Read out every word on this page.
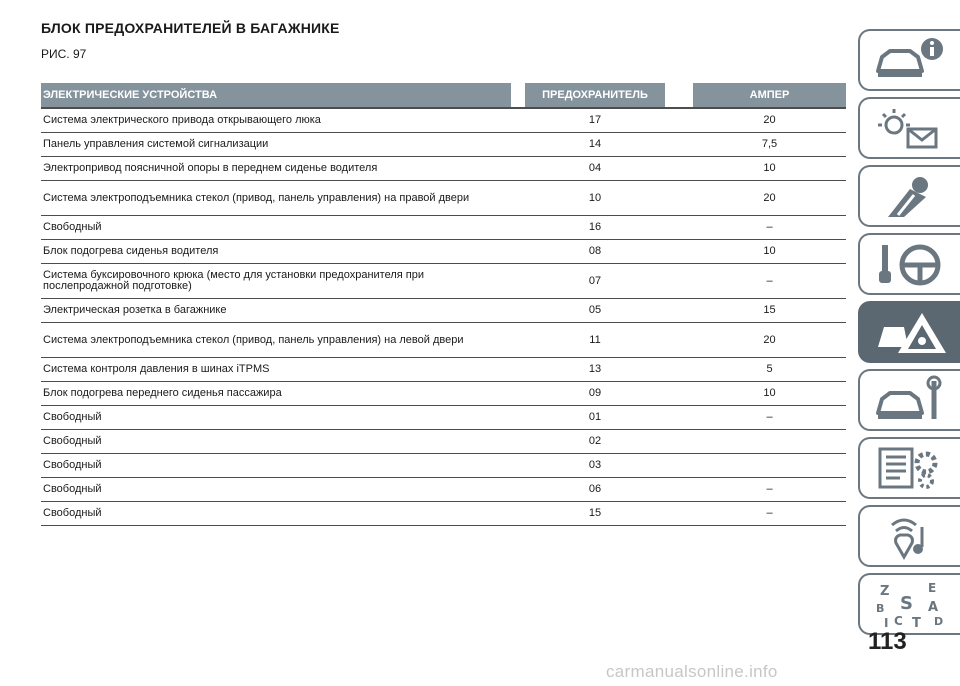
БЛОК ПРЕДОХРАНИТЕЛЕЙ В БАГАЖНИКЕ
РИС. 97
ЭЛЕКТРИЧЕСКИЕ УСТРОЙСТВА		ПРЕДОХРАНИТЕЛЬ		АМПЕР
Система электрического привода открывающего люка		17		20
Панель управления системой сигнализации		14		7,5
Электропривод поясничной опоры в переднем сиденье водителя		04		10
Система электроподъемника стекол (привод, панель управления) на правой двери		10		20
Свободный		16		–
Блок подогрева сиденья водителя		08		10
Система буксировочного крюка (место для установки предохранителя при послепродажной подготовке)		07		–
Электрическая розетка в багажнике		05		15
Система электроподъемника стекол (привод, панель управления) на левой двери		11		20
Система контроля давления в шинах iTPMS		13		5
Блок подогрева переднего сиденья пассажира		09		10
Свободный		01		–
Свободный		02		
Свободный		03		
Свободный		06		–
Свободный		15		–
Z	E
S A
B
C	D
I T
113
carmanualsonline.info
